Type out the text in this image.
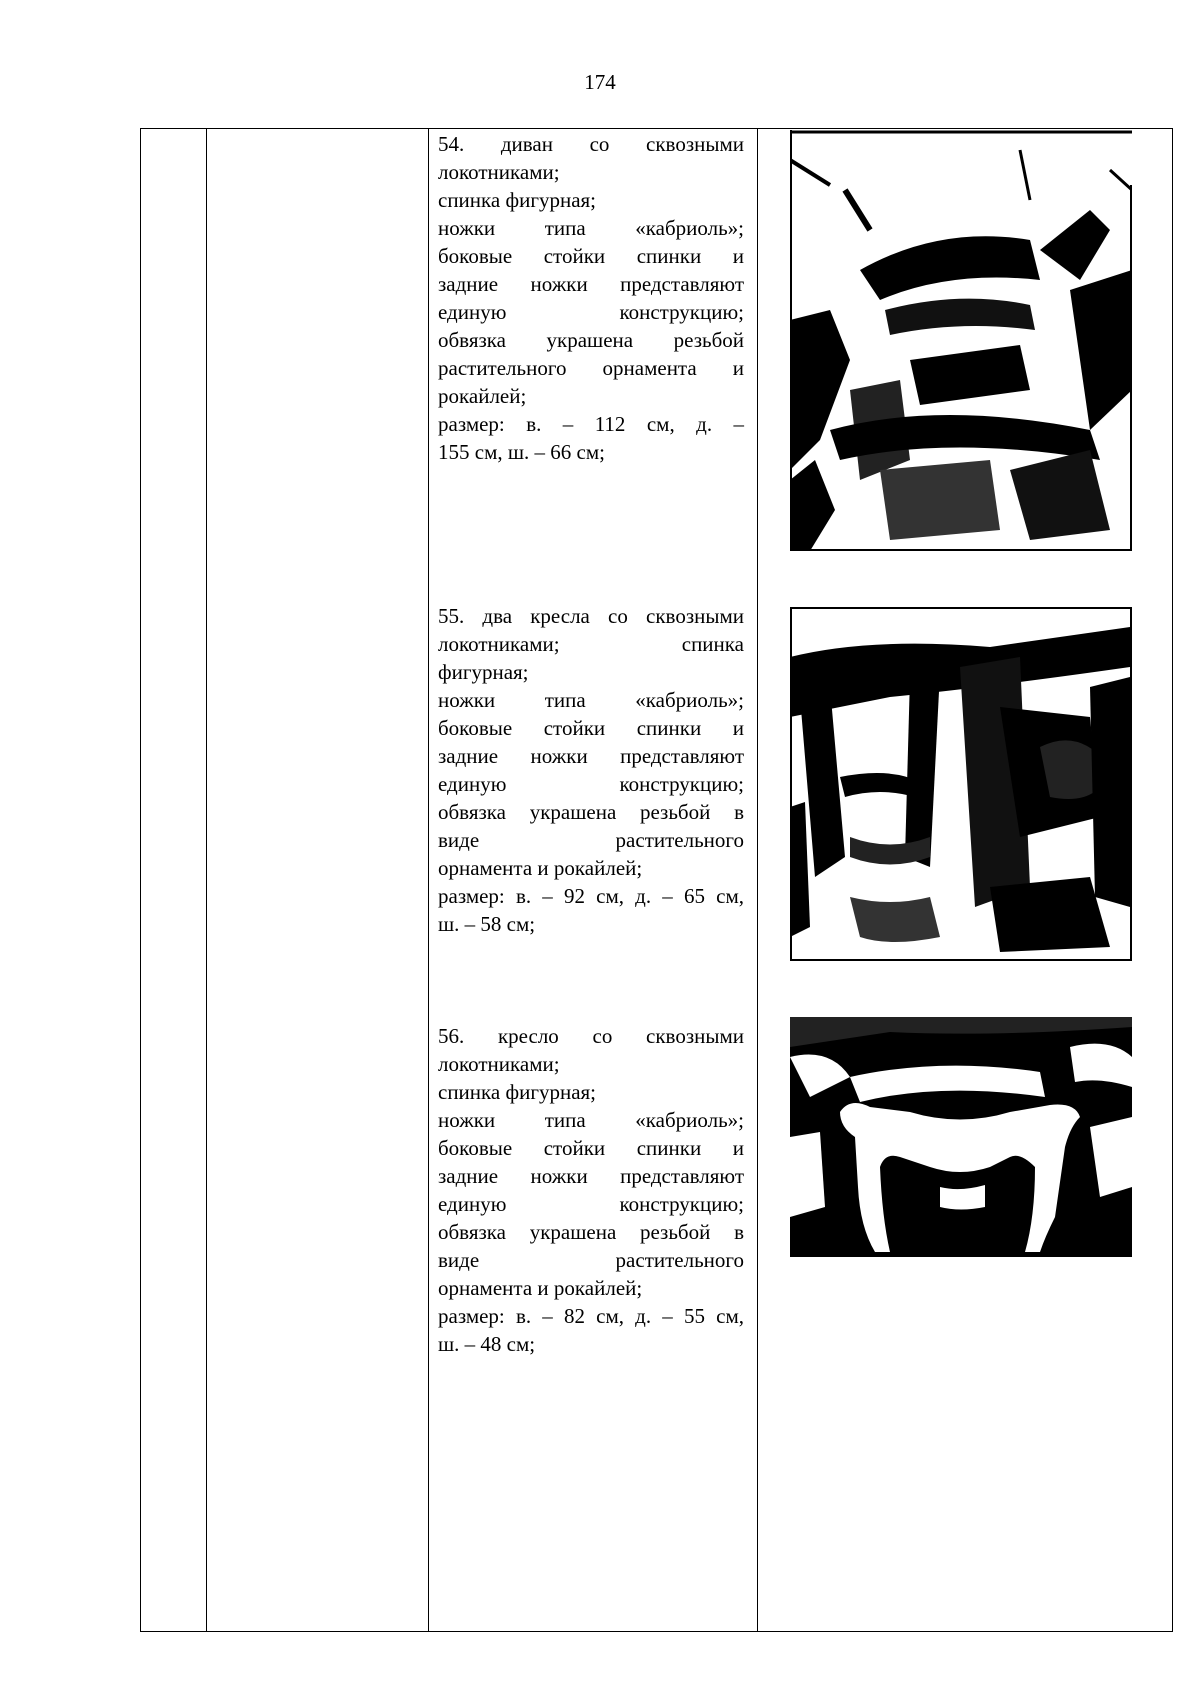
174
54. диван со сквозными
локотниками;
спинка фигурная;
ножки типа «кабриоль»;
боковые стойки спинки и
задние ножки представляют
единую конструкцию;
обвязка украшена резьбой
растительного орнамента и
рокайлей;
размер: в. – 112 см, д. –
155 см, ш. – 66 см;
55. два кресла со сквозными
локотниками; спинка
фигурная;
ножки типа «кабриоль»;
боковые стойки спинки и
задние ножки представляют
единую конструкцию;
обвязка украшена резьбой в
виде растительного
орнамента и рокайлей;
размер: в. – 92 см, д. – 65 см,
ш. – 58 см;
56. кресло со сквозными
локотниками;
спинка фигурная;
ножки типа «кабриоль»;
боковые стойки спинки и
задние ножки представляют
единую конструкцию;
обвязка украшена резьбой в
виде растительного
орнамента и рокайлей;
размер: в. – 82 см, д. – 55 см,
ш. – 48 см;
